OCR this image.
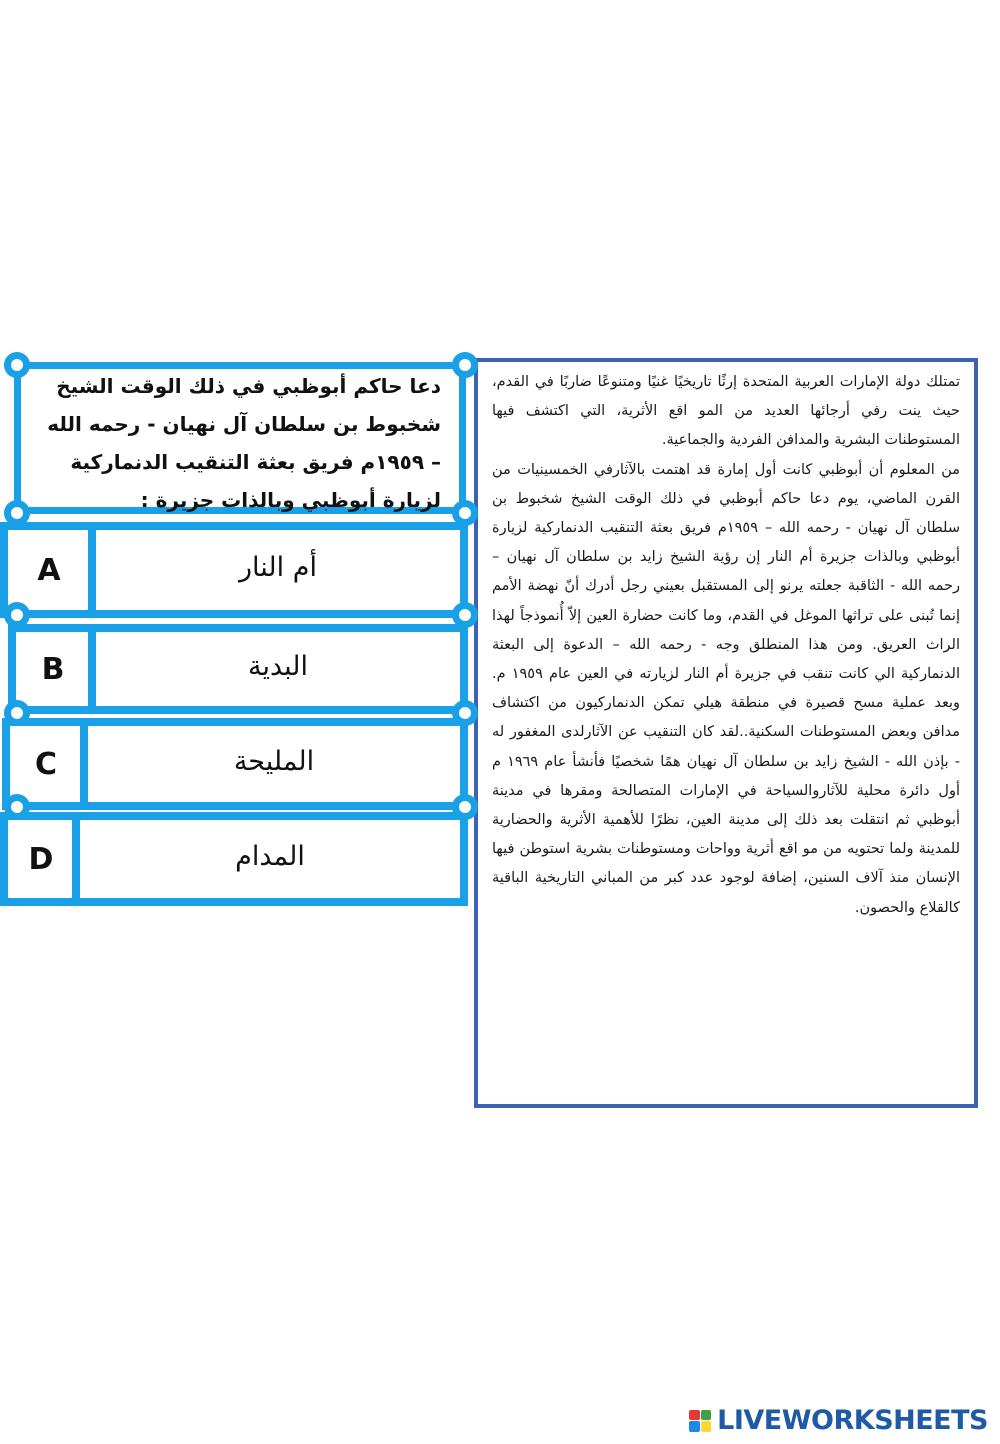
تمتلك دولة الإمارات العربية المتحدة إرثًا تاريخيًا غنيًا ومتنوعًا ضاربًا في القدم، حيث ينت رفي أرجائها العديد من المو اقع الأثرية، التي اكتشف فيها المستوطنات البشرية والمدافن الفردية والجماعية.
من المعلوم أن أبوظبي كانت أول إمارة قد اهتمت بالآثارفي الخمسينيات من القرن الماضي، يوم دعا حاكم أبوظبي في ذلك الوقت الشيخ شخبوط بن سلطان آل نهيان - رحمه الله – ١٩٥٩م فريق بعثة التنقيب الدنماركية لزيارة أبوظبي وبالذات جزيرة أم النار إن رؤية الشيخ زايد بن سلطان آل نهيان – رحمه الله - الثاقبة جعلته يرنو إلى المستقبل بعيني رجل أدرك أنّ نهضة الأمم إنما تُبنى على تراثها الموغل في القدم، وما كانت حضارة العين إلاّ أُنموذجاً لهذا الراث العريق. ومن هذا المنطلق وجه - رحمه الله – الدعوة إلى البعثة الدنماركية الي كانت تنقب في جزيرة أم النار لزيارته في العين عام ١٩٥٩ م. وبعد عملية مسح قصيرة في منطقة هيلي تمكن الدنماركيون من اكتشاف مدافن وبعض المستوطنات السكنية..لقد كان التنقيب عن الآثارلدى المغفور له - بإذن الله - الشيخ زايد بن سلطان آل نهيان همًا شخصيًا فأنشأ عام ١٩٦٩ م أول دائرة محلية للآثاروالسياحة في الإمارات المتصالحة ومقرها في مدينة أبوظبي ثم انتقلت بعد ذلك إلى مدينة العين، نظرًا للأهمية الأثرية والحضارية للمدينة ولما تحتويه من مو اقع أثرية وواحات ومستوطنات بشرية استوطن فيها الإنسان منذ آلاف السنين، إضافة لوجود عدد كبر من المباني التاريخية الباقية كالقلاع والحصون.

دعا حاكم أبوظبي في ذلك الوقت الشيخ شخبوط بن سلطان آل نهيان - رحمه الله – ١٩٥٩م فريق بعثة التنقيب الدنماركية لزيارة أبوظبي وبالذات جزيرة :

A	أم النار
B	البدية
C	المليحة
D	المدام
LIVEWORKSHEETS
